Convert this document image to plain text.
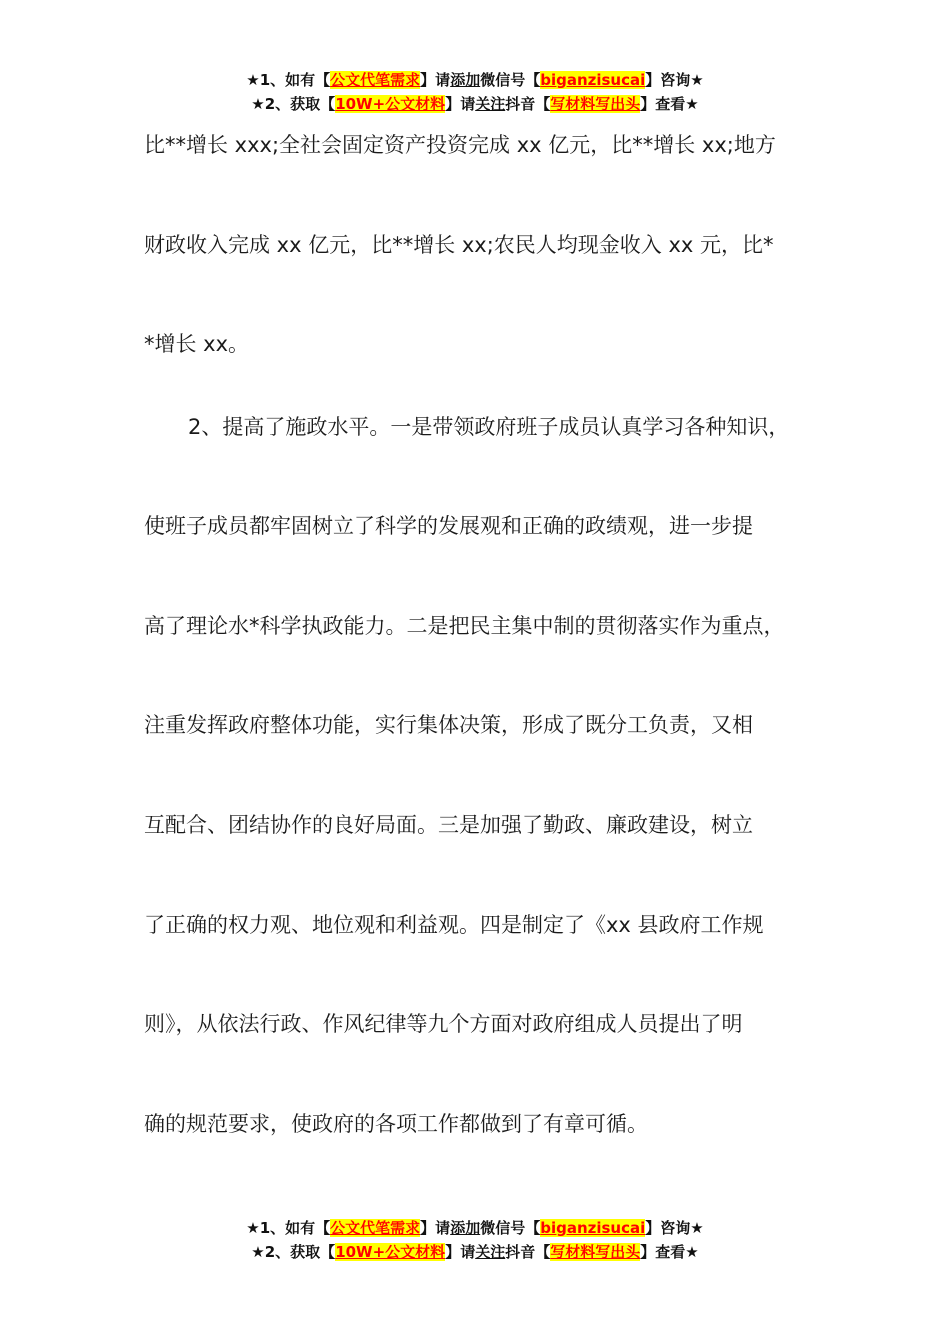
★1、如有【公文代笔需求】请添加微信号【biganzisucai】咨询★
★2、获取【10W+公文材料】请关注抖音【写材料写出头】查看★
比**增长 xxx;全社会固定资产投资完成 xx 亿元，比**增长 xx;地方
财政收入完成 xx 亿元，比**增长 xx;农民人均现金收入 xx 元，比*
*增长 xx。
2、提高了施政水平。一是带领政府班子成员认真学习各种知识，
使班子成员都牢固树立了科学的发展观和正确的政绩观，进一步提
高了理论水*科学执政能力。二是把民主集中制的贯彻落实作为重点，
注重发挥政府整体功能，实行集体决策，形成了既分工负责，又相
互配合、团结协作的良好局面。三是加强了勤政、廉政建设，树立
了正确的权力观、地位观和利益观。四是制定了《xx 县政府工作规
则》，从依法行政、作风纪律等九个方面对政府组成人员提出了明
确的规范要求，使政府的各项工作都做到了有章可循。
★1、如有【公文代笔需求】请添加微信号【biganzisucai】咨询★
★2、获取【10W+公文材料】请关注抖音【写材料写出头】查看★
